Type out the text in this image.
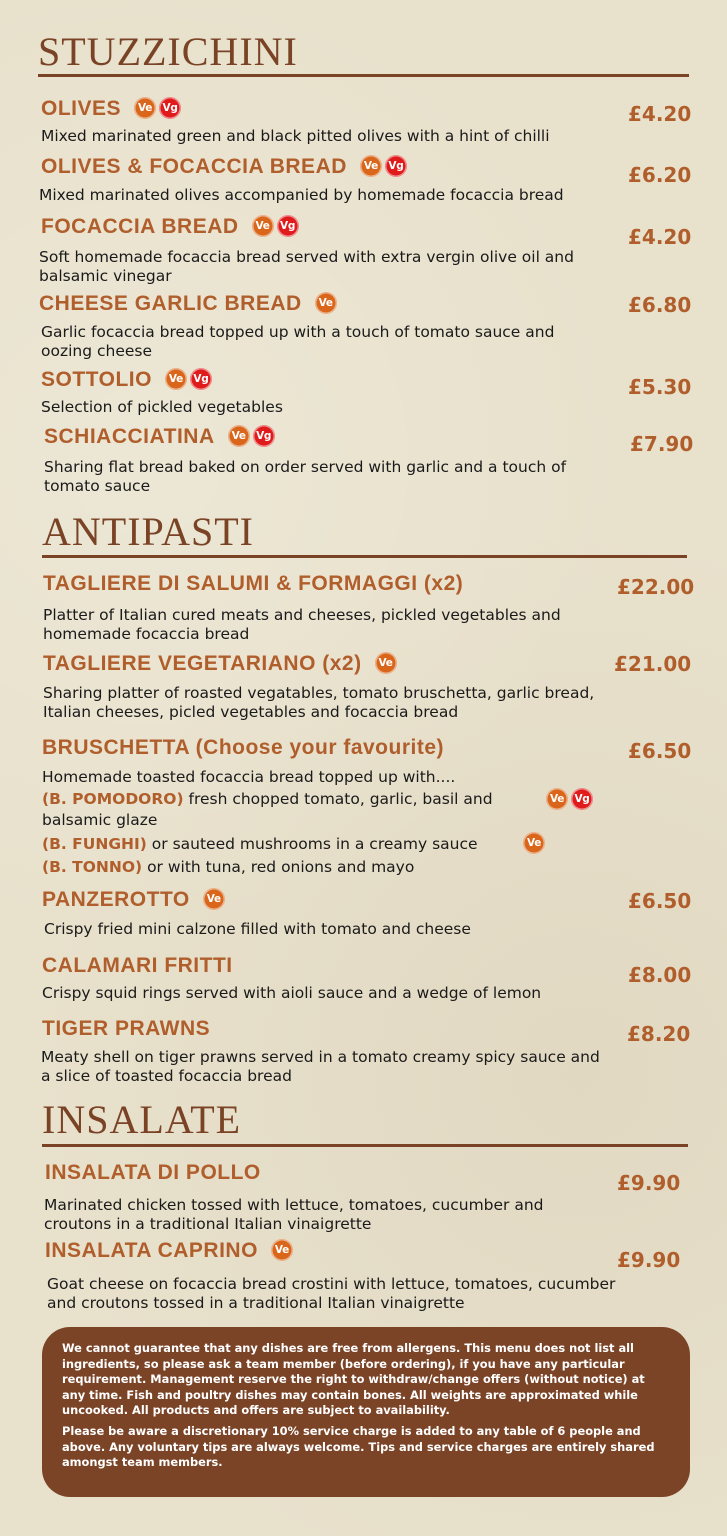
STUZZICHINI
OLIVES	Ve Vg	£4.20
Mixed marinated green and black pitted olives with a hint of chilli
OLIVES & FOCACCIA BREAD	Ve Vg	£6.20
Mixed marinated olives accompanied by homemade focaccia bread
FOCACCIA BREAD	Ve Vg	£4.20
Soft homemade focaccia bread served with extra vergin olive oil and balsamic vinegar
CHEESE GARLIC BREAD	Ve	£6.80
Garlic focaccia bread topped up with a touch of tomato sauce and oozing cheese
SOTTOLIO	Ve Vg	£5.30
Selection of pickled vegetables
SCHIACCIATINA	Ve Vg	£7.90
Sharing flat bread baked on order served with garlic and a touch of tomato sauce
ANTIPASTI
TAGLIERE DI SALUMI & FORMAGGI (x2)	£22.00
Platter of Italian cured meats and cheeses, pickled vegetables and homemade focaccia bread
TAGLIERE VEGETARIANO (x2)	Ve	£21.00
Sharing platter of roasted vegatables, tomato bruschetta, garlic bread, Italian cheeses, picled vegetables and focaccia bread
BRUSCHETTA (Choose your favourite)	£6.50
Homemade toasted focaccia bread topped up with....
(B. POMODORO) fresh chopped tomato, garlic, basil and	Ve Vg
balsamic glaze
(B. FUNGHI) or sauteed mushrooms in a creamy sauce	Ve
(B. TONNO) or with tuna, red onions and mayo
PANZEROTTO	Ve	£6.50
Crispy fried mini calzone filled with tomato and cheese
CALAMARI FRITTI	£8.00
Crispy squid rings served with aioli sauce and a wedge of lemon
TIGER PRAWNS	£8.20
Meaty shell on tiger prawns served in a tomato creamy spicy sauce and a slice of toasted focaccia bread
INSALATE
INSALATA DI POLLO	£9.90
Marinated chicken tossed with lettuce, tomatoes, cucumber and croutons in a traditional Italian vinaigrette
INSALATA CAPRINO	Ve	£9.90
Goat cheese on focaccia bread crostini with lettuce, tomatoes, cucumber and croutons tossed in a traditional Italian vinaigrette

We cannot guarantee that any dishes are free from allergens. This menu does not list all ingredients, so please ask a team member (before ordering), if you have any particular requirement. Management reserve the right to withdraw/change offers (without notice) at any time. Fish and poultry dishes may contain bones. All weights are approximated while uncooked. All products and offers are subject to availability.

Please be aware a discretionary 10% service charge is added to any table of 6 people and above. Any voluntary tips are always welcome. Tips and service charges are entirely shared amongst team members.
